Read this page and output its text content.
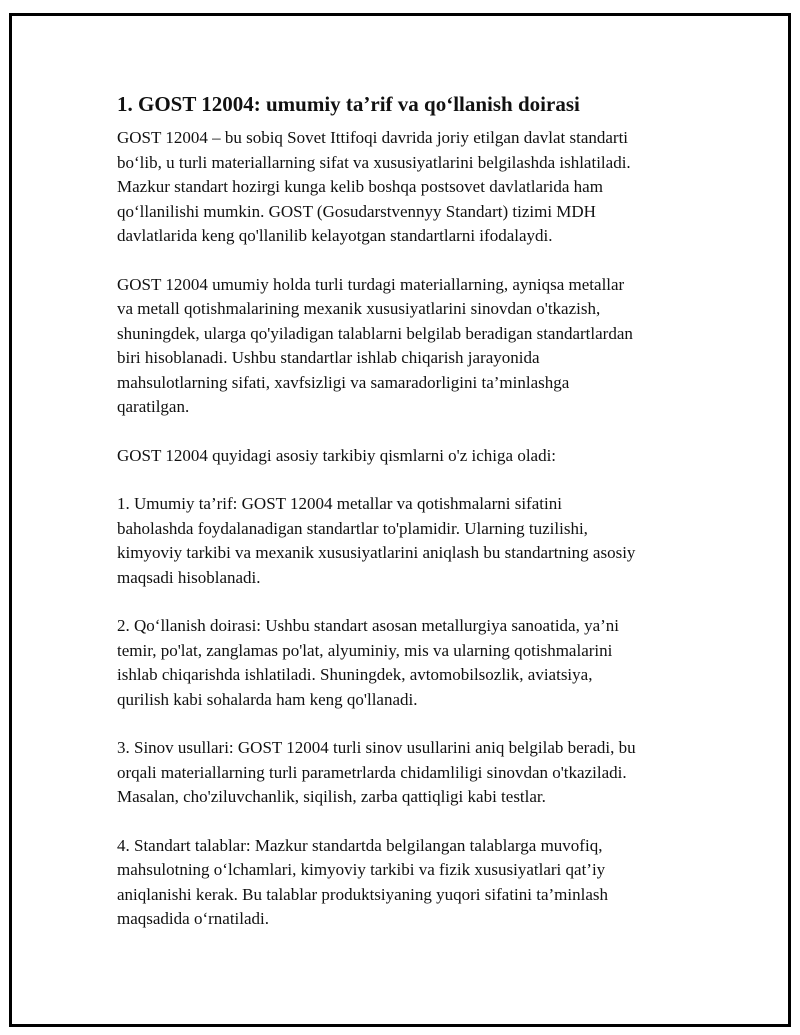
1. GOST 12004: umumiy ta’rif va qo‘llanish doirasi

GOST 12004 – bu sobiq Sovet Ittifoqi davrida joriy etilgan davlat standarti
bo‘lib, u turli materiallarning sifat va xususiyatlarini belgilashda ishlatiladi.
Mazkur standart hozirgi kunga kelib boshqa postsovet davlatlarida ham
qo‘llanilishi mumkin. GOST (Gosudarstvennyy Standart) tizimi MDH
davlatlarida keng qo'llanilib kelayotgan standartlarni ifodalaydi.

GOST 12004 umumiy holda turli turdagi materiallarning, ayniqsa metallar
va metall qotishmalarining mexanik xususiyatlarini sinovdan o'tkazish,
shuningdek, ularga qo'yiladigan talablarni belgilab beradigan standartlardan
biri hisoblanadi. Ushbu standartlar ishlab chiqarish jarayonida
mahsulotlarning sifati, xavfsizligi va samaradorligini ta’minlashga
qaratilgan.

GOST 12004 quyidagi asosiy tarkibiy qismlarni o'z ichiga oladi:

1. Umumiy ta’rif: GOST 12004 metallar va qotishmalarni sifatini
baholashda foydalanadigan standartlar to'plamidir. Ularning tuzilishi,
kimyoviy tarkibi va mexanik xususiyatlarini aniqlash bu standartning asosiy
maqsadi hisoblanadi.

2. Qo‘llanish doirasi: Ushbu standart asosan metallurgiya sanoatida, ya’ni
temir, po'lat, zanglamas po'lat, alyuminiy, mis va ularning qotishmalarini
ishlab chiqarishda ishlatiladi. Shuningdek, avtomobilsozlik, aviatsiya,
qurilish kabi sohalarda ham keng qo'llanadi.

3. Sinov usullari: GOST 12004 turli sinov usullarini aniq belgilab beradi, bu
orqali materiallarning turli parametrlarda chidamliligi sinovdan o'tkaziladi.
Masalan, cho'ziluvchanlik, siqilish, zarba qattiqligi kabi testlar.

4. Standart talablar: Mazkur standartda belgilangan talablarga muvofiq,
mahsulotning o‘lchamlari, kimyoviy tarkibi va fizik xususiyatlari qat’iy
aniqlanishi kerak. Bu talablar produktsiyaning yuqori sifatini ta’minlash
maqsadida o‘rnatiladi.
